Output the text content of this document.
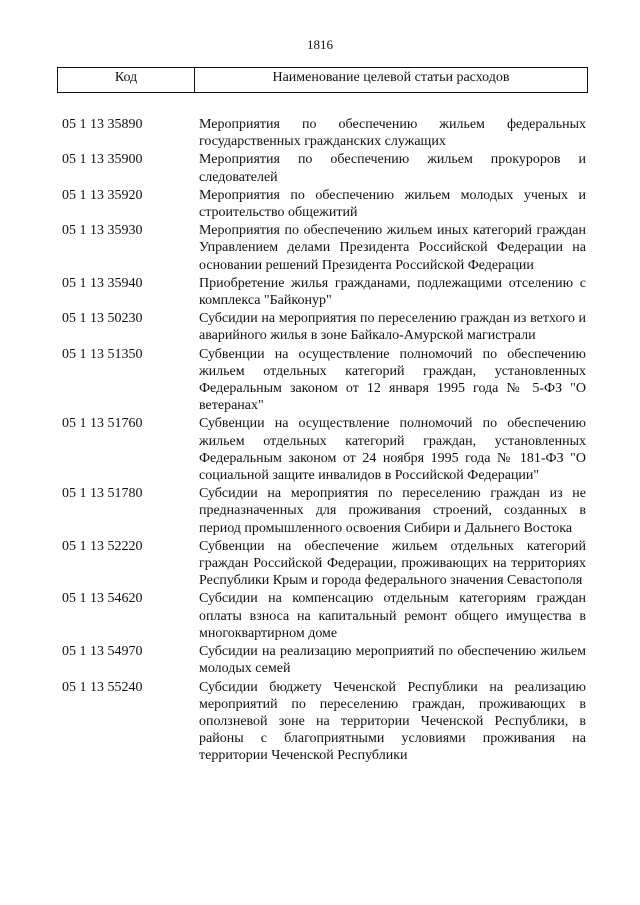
1816
Код	Наименование целевой статьи расходов
05 1 13 35890	Мероприятия по обеспечению жильем федеральных государственных гражданских служащих
05 1 13 35900	Мероприятия по обеспечению жильем прокуроров и следователей
05 1 13 35920	Мероприятия по обеспечению жильем молодых ученых и строительство общежитий
05 1 13 35930	Мероприятия по обеспечению жильем иных категорий граждан Управлением делами Президента Российской Федерации на основании решений Президента Российской Федерации
05 1 13 35940	Приобретение жилья гражданами, подлежащими отселению с комплекса "Байконур"
05 1 13 50230	Субсидии на мероприятия по переселению граждан из ветхого и аварийного жилья в зоне Байкало-Амурской магистрали
05 1 13 51350	Субвенции на осуществление полномочий по обеспечению жильем отдельных категорий граждан, установленных Федеральным законом от 12 января 1995 года № 5-ФЗ "О ветеранах"
05 1 13 51760	Субвенции на осуществление полномочий по обеспечению жильем отдельных категорий граждан, установленных Федеральным законом от 24 ноября 1995 года № 181-ФЗ "О социальной защите инвалидов в Российской Федерации"
05 1 13 51780	Субсидии на мероприятия по переселению граждан из не предназначенных для проживания строений, созданных в период промышленного освоения Сибири и Дальнего Востока
05 1 13 52220	Субвенции на обеспечение жильем отдельных категорий граждан Российской Федерации, проживающих на территориях Республики Крым и города федерального значения Севастополя
05 1 13 54620	Субсидии на компенсацию отдельным категориям граждан оплаты взноса на капитальный ремонт общего имущества в многоквартирном доме
05 1 13 54970	Субсидии на реализацию мероприятий по обеспечению жильем молодых семей
05 1 13 55240	Субсидии бюджету Чеченской Республики на реализацию мероприятий по переселению граждан, проживающих в оползневой зоне на территории Чеченской Республики, в районы с благоприятными условиями проживания на территории Чеченской Республики
